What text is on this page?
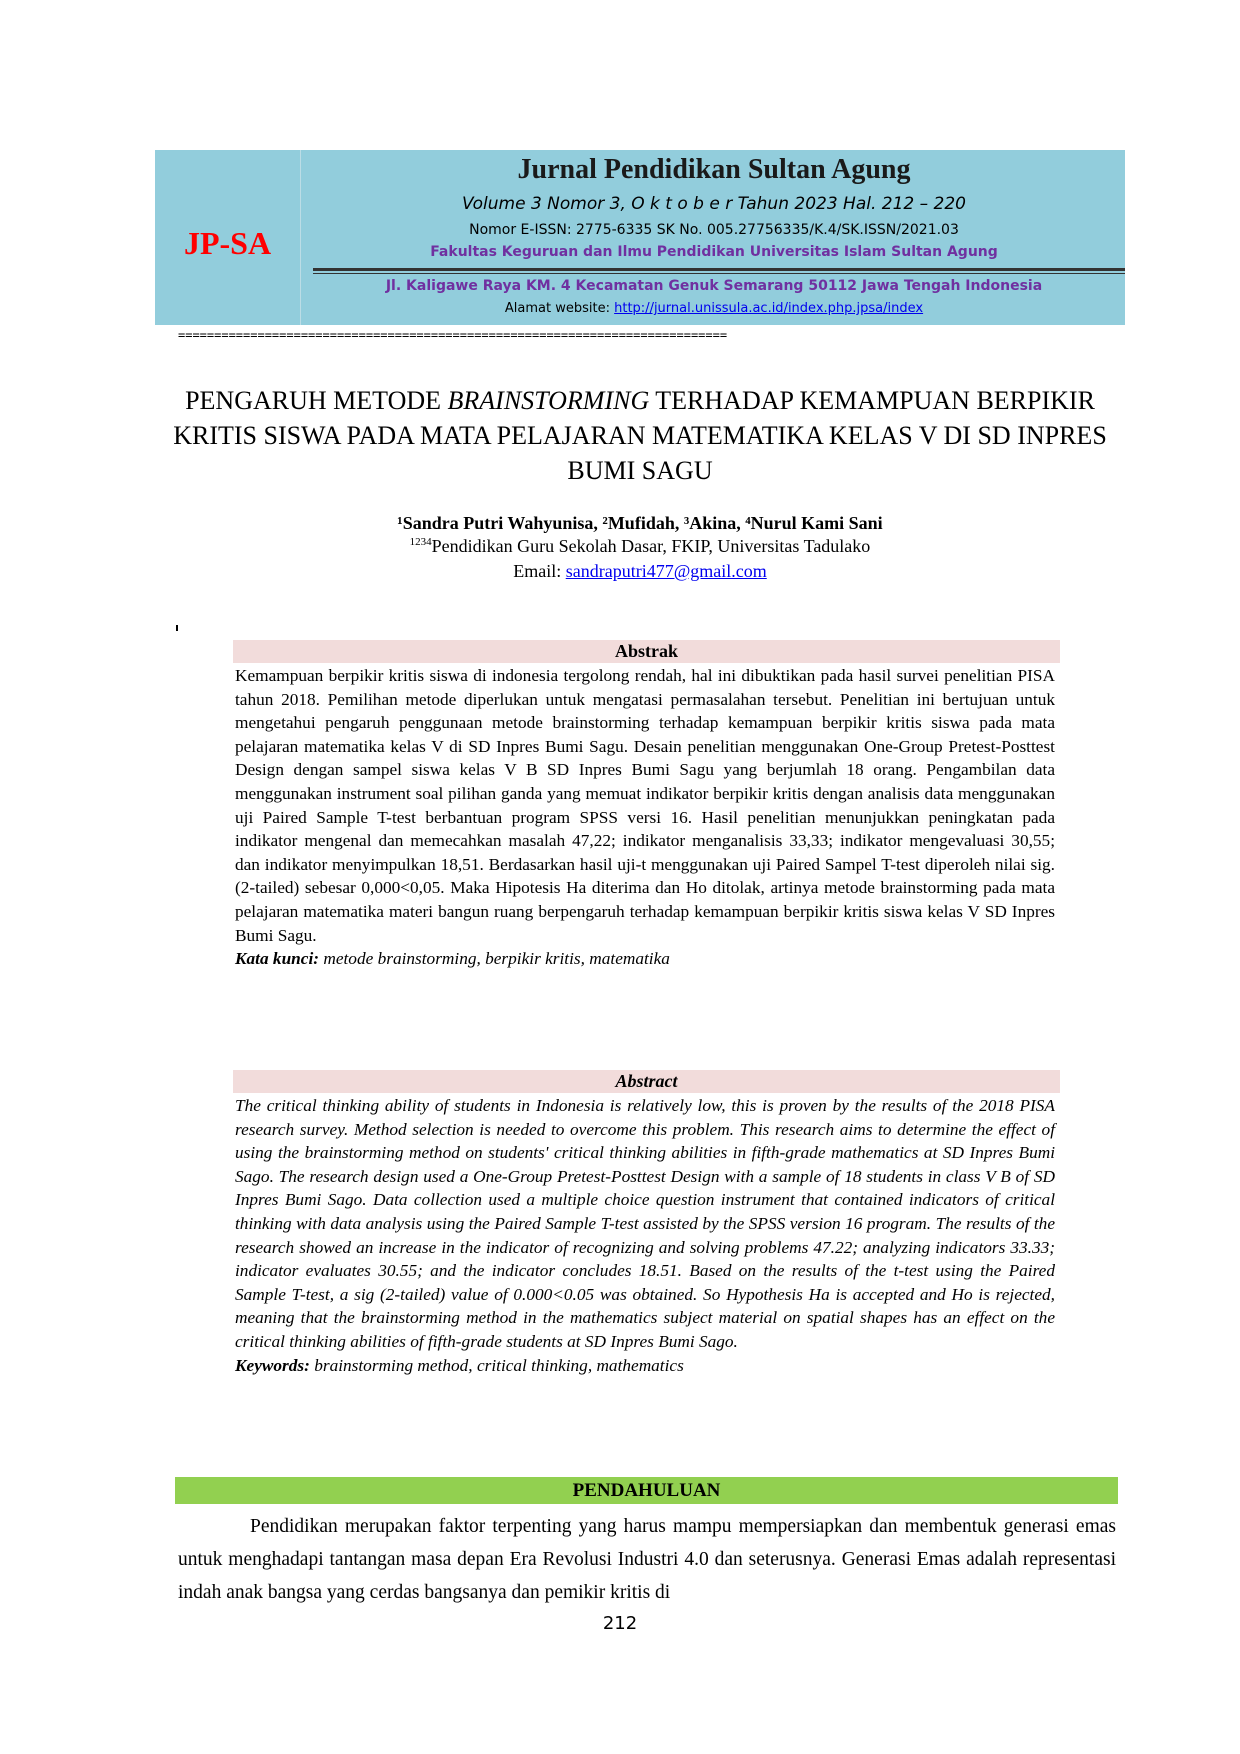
JP-SA
Jurnal Pendidikan Sultan Agung
Volume 3 Nomor 3, O k t o b e r Tahun 2023 Hal. 212 – 220
Nomor E-ISSN: 2775-6335 SK No. 005.27756335/K.4/SK.ISSN/2021.03
Fakultas Keguruan dan Ilmu Pendidikan Universitas Islam Sultan Agung
Jl. Kaligawe Raya KM. 4 Kecamatan Genuk Semarang 50112 Jawa Tengah Indonesia
Alamat website: http://jurnal.unissula.ac.id/index.php.jpsa/index
============================================================================
PENGARUH METODE BRAINSTORMING TERHADAP KEMAMPUAN BERPIKIR KRITIS SISWA PADA MATA PELAJARAN MATEMATIKA KELAS V DI SD INPRES BUMI SAGU
¹Sandra Putri Wahyunisa, ²Mufidah, ³Akina, ⁴Nurul Kami Sani
$^{1234}$Pendidikan Guru Sekolah Dasar, FKIP, Universitas Tadulako
Email: sandraputri477@gmail.com
Abstrak
Kemampuan berpikir kritis siswa di indonesia tergolong rendah, hal ini dibuktikan pada hasil survei penelitian PISA tahun 2018. Pemilihan metode diperlukan untuk mengatasi permasalahan tersebut. Penelitian ini bertujuan untuk mengetahui pengaruh penggunaan metode brainstorming terhadap kemampuan berpikir kritis siswa pada mata pelajaran matematika kelas V di SD Inpres Bumi Sagu. Desain penelitian menggunakan One-Group Pretest-Posttest Design dengan sampel siswa kelas V B SD Inpres Bumi Sagu yang berjumlah 18 orang. Pengambilan data menggunakan instrument soal pilihan ganda yang memuat indikator berpikir kritis dengan analisis data menggunakan uji Paired Sample T-test berbantuan program SPSS versi 16. Hasil penelitian menunjukkan peningkatan pada indikator mengenal dan memecahkan masalah 47,22; indikator menganalisis 33,33; indikator mengevaluasi 30,55; dan indikator menyimpulkan 18,51. Berdasarkan hasil uji-t menggunakan uji Paired Sampel T-test diperoleh nilai sig.(2-tailed) sebesar 0,000<0,05. Maka Hipotesis Ha diterima dan Ho ditolak, artinya metode brainstorming pada mata pelajaran matematika materi bangun ruang berpengaruh terhadap kemampuan berpikir kritis siswa kelas V SD Inpres Bumi Sagu.
Kata kunci: metode brainstorming, berpikir kritis, matematika
Abstract
The critical thinking ability of students in Indonesia is relatively low, this is proven by the results of the 2018 PISA research survey. Method selection is needed to overcome this problem. This research aims to determine the effect of using the brainstorming method on students' critical thinking abilities in fifth-grade mathematics at SD Inpres Bumi Sago. The research design used a One-Group Pretest-Posttest Design with a sample of 18 students in class V B of SD Inpres Bumi Sago. Data collection used a multiple choice question instrument that contained indicators of critical thinking with data analysis using the Paired Sample T-test assisted by the SPSS version 16 program. The results of the research showed an increase in the indicator of recognizing and solving problems 47.22; analyzing indicators 33.33; indicator evaluates 30.55; and the indicator concludes 18.51. Based on the results of the t-test using the Paired Sample T-test, a sig (2-tailed) value of 0.000<0.05 was obtained. So Hypothesis Ha is accepted and Ho is rejected, meaning that the brainstorming method in the mathematics subject material on spatial shapes has an effect on the critical thinking abilities of fifth-grade students at SD Inpres Bumi Sago.
Keywords: brainstorming method, critical thinking, mathematics
PENDAHULUAN

Pendidikan merupakan faktor terpenting yang harus mampu mempersiapkan dan membentuk generasi emas untuk menghadapi tantangan masa depan Era Revolusi Industri 4.0 dan seterusnya. Generasi Emas adalah representasi indah anak bangsa yang cerdas bangsanya dan pemikir kritis di

212
